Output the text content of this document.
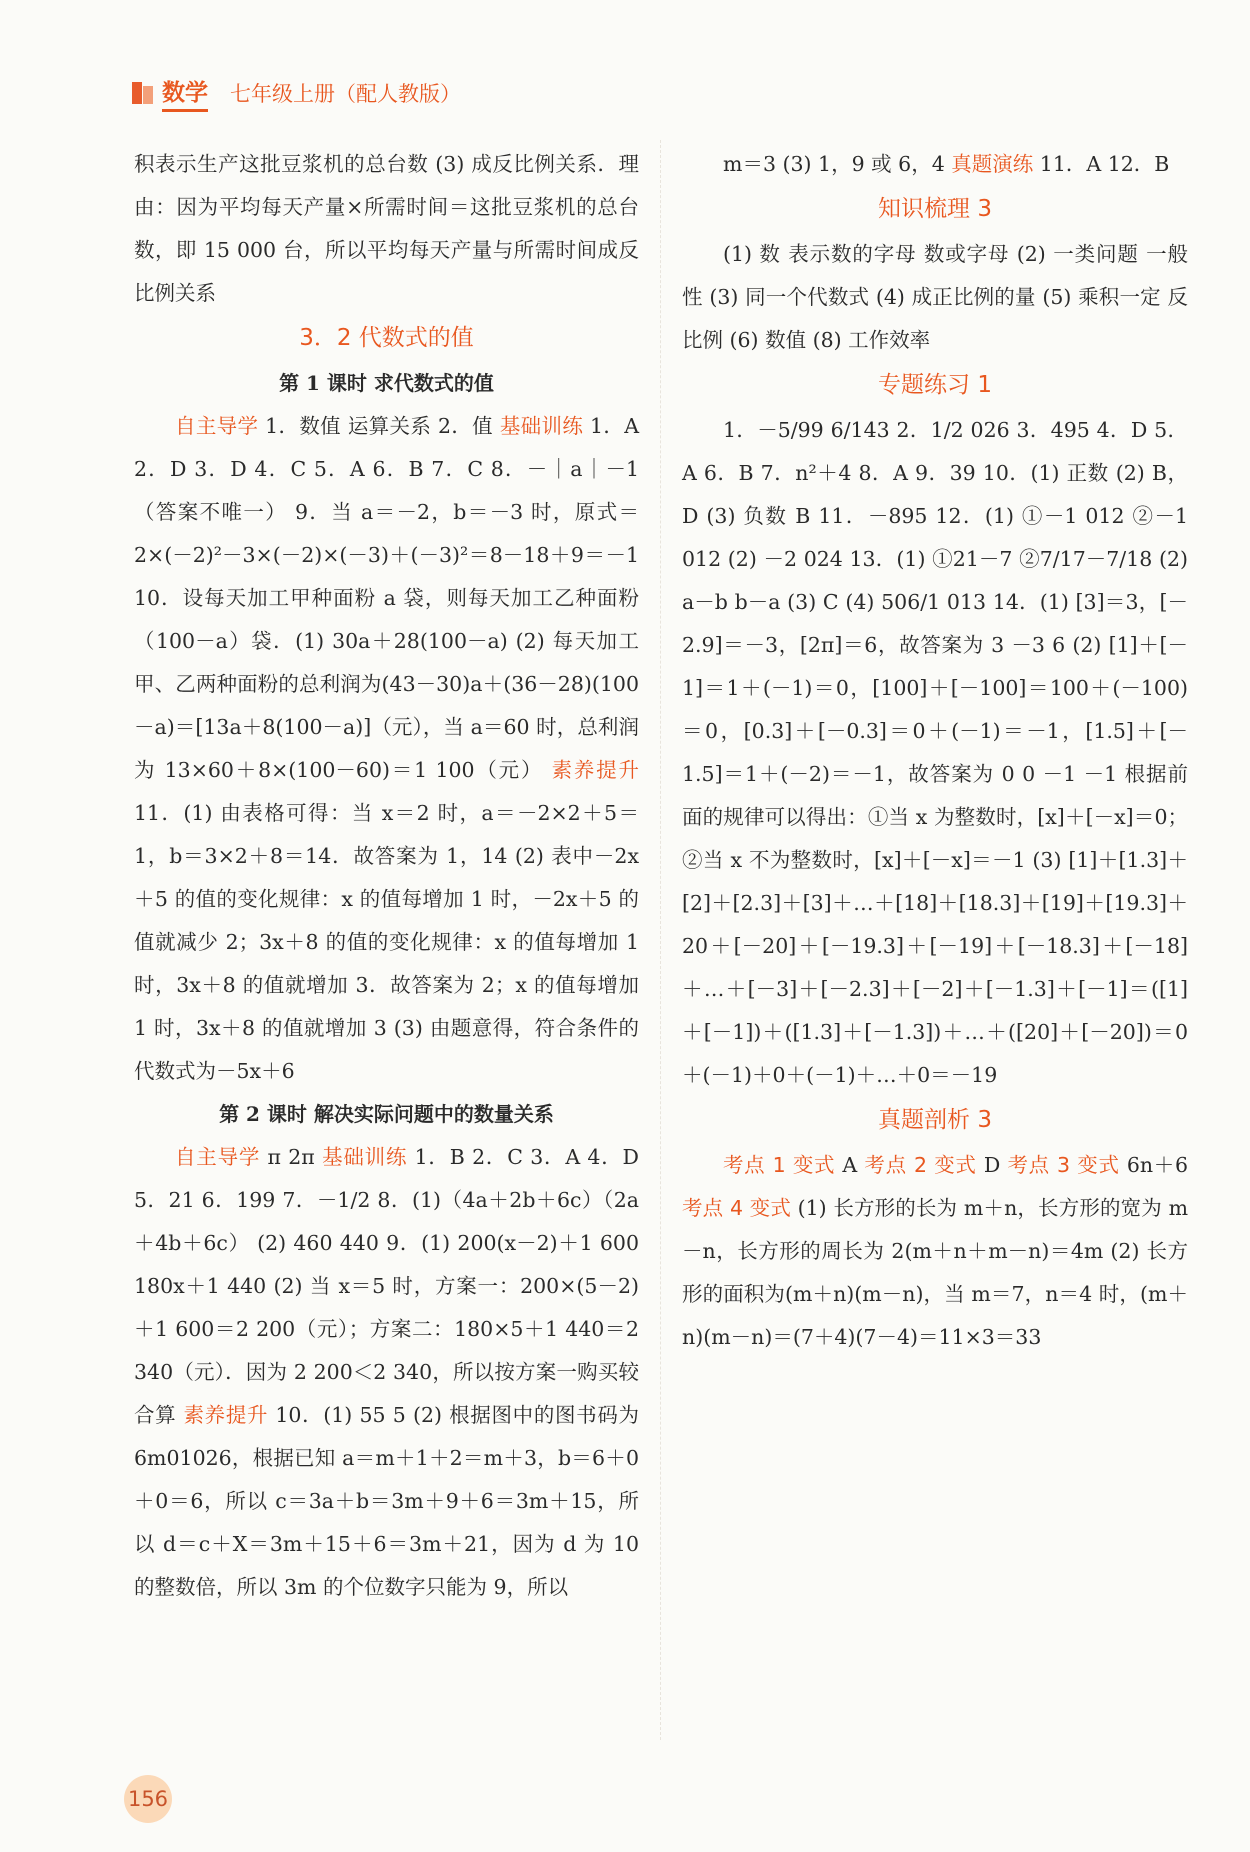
数学 七年级上册（配人教版）

积表示生产这批豆浆机的总台数 (3) 成反比例关系．理由：因为平均每天产量×所需时间＝这批豆浆机的总台数，即 15 000 台，所以平均每天产量与所需时间成反比例关系

3．2 代数式的值
第 1 课时 求代数式的值

自主导学 1．数值 运算关系 2．值 基础训练 1．A 2．D 3．D 4．C 5．A 6．B 7．C 8．－｜a｜－1（答案不唯一） 9．当 a＝－2，b＝－3 时，原式＝2×(－2)²－3×(－2)×(－3)＋(－3)²＝8－18＋9＝－1 10．设每天加工甲种面粉 a 袋，则每天加工乙种面粉（100－a）袋．(1) 30a＋28(100－a) (2) 每天加工甲、乙两种面粉的总利润为(43－30)a＋(36－28)(100－a)＝[13a＋8(100－a)]（元），当 a＝60 时，总利润为 13×60＋8×(100－60)＝1 100（元） 素养提升 11．(1) 由表格可得：当 x＝2 时，a＝－2×2＋5＝1，b＝3×2＋8＝14．故答案为 1，14 (2) 表中－2x＋5 的值的变化规律：x 的值每增加 1 时，－2x＋5 的值就减少 2；3x＋8 的值的变化规律：x 的值每增加 1 时，3x＋8 的值就增加 3．故答案为 2；x 的值每增加 1 时，3x＋8 的值就增加 3 (3) 由题意得，符合条件的代数式为－5x＋6

第 2 课时 解决实际问题中的数量关系

自主导学 π 2π 基础训练 1．B 2．C 3．A 4．D 5．21 6．199 7．－1/2 8．(1)（4a＋2b＋6c）（2a＋4b＋6c） (2) 460 440 9．(1) 200(x－2)＋1 600 180x＋1 440 (2) 当 x＝5 时，方案一：200×(5－2)＋1 600＝2 200（元）；方案二：180×5＋1 440＝2 340（元）．因为 2 200＜2 340，所以按方案一购买较合算 素养提升 10．(1) 55 5 (2) 根据图中的图书码为 6m01026，根据已知 a＝m＋1＋2＝m＋3，b＝6＋0＋0＝6，所以 c＝3a＋b＝3m＋9＋6＝3m＋15，所以 d＝c＋X＝3m＋15＋6＝3m＋21，因为 d 为 10 的整数倍，所以 3m 的个位数字只能为 9，所以

m＝3 (3) 1，9 或 6，4 真题演练 11．A 12．B

知识梳理 3

(1) 数 表示数的字母 数或字母 (2) 一类问题 一般性 (3) 同一个代数式 (4) 成正比例的量 (5) 乘积一定 反比例 (6) 数值 (8) 工作效率

专题练习 1

1．－5/99 6/143 2．1/2 026 3．495 4．D 5．A 6．B 7．n²＋4 8．A 9．39 10．(1) 正数 (2) B，D (3) 负数 B 11．－895 12．(1) ①－1 012 ②－1 012 (2) －2 024 13．(1) ①21－7 ②7/17－7/18 (2) a－b b－a (3) C (4) 506/1 013 14．(1) [3]＝3，[－2.9]＝－3，[2π]＝6，故答案为 3 －3 6 (2) [1]＋[－1]＝1＋(－1)＝0，[100]＋[－100]＝100＋(－100)＝0，[0.3]＋[－0.3]＝0＋(－1)＝－1，[1.5]＋[－1.5]＝1＋(－2)＝－1，故答案为 0 0 －1 －1 根据前面的规律可以得出：①当 x 为整数时，[x]＋[－x]＝0；②当 x 不为整数时，[x]＋[－x]＝－1 (3) [1]＋[1.3]＋[2]＋[2.3]＋[3]＋…＋[18]＋[18.3]＋[19]＋[19.3]＋20＋[－20]＋[－19.3]＋[－19]＋[－18.3]＋[－18]＋…＋[－3]＋[－2.3]＋[－2]＋[－1.3]＋[－1]＝([1]＋[－1])＋([1.3]＋[－1.3])＋…＋([20]＋[－20])＝0＋(－1)＋0＋(－1)＋…＋0＝－19

真题剖析 3

考点 1 变式 A 考点 2 变式 D 考点 3 变式 6n＋6 考点 4 变式 (1) 长方形的长为 m＋n，长方形的宽为 m－n，长方形的周长为 2(m＋n＋m－n)＝4m (2) 长方形的面积为(m＋n)(m－n)，当 m＝7，n＝4 时，(m＋n)(m－n)＝(7＋4)(7－4)＝11×3＝33

156
